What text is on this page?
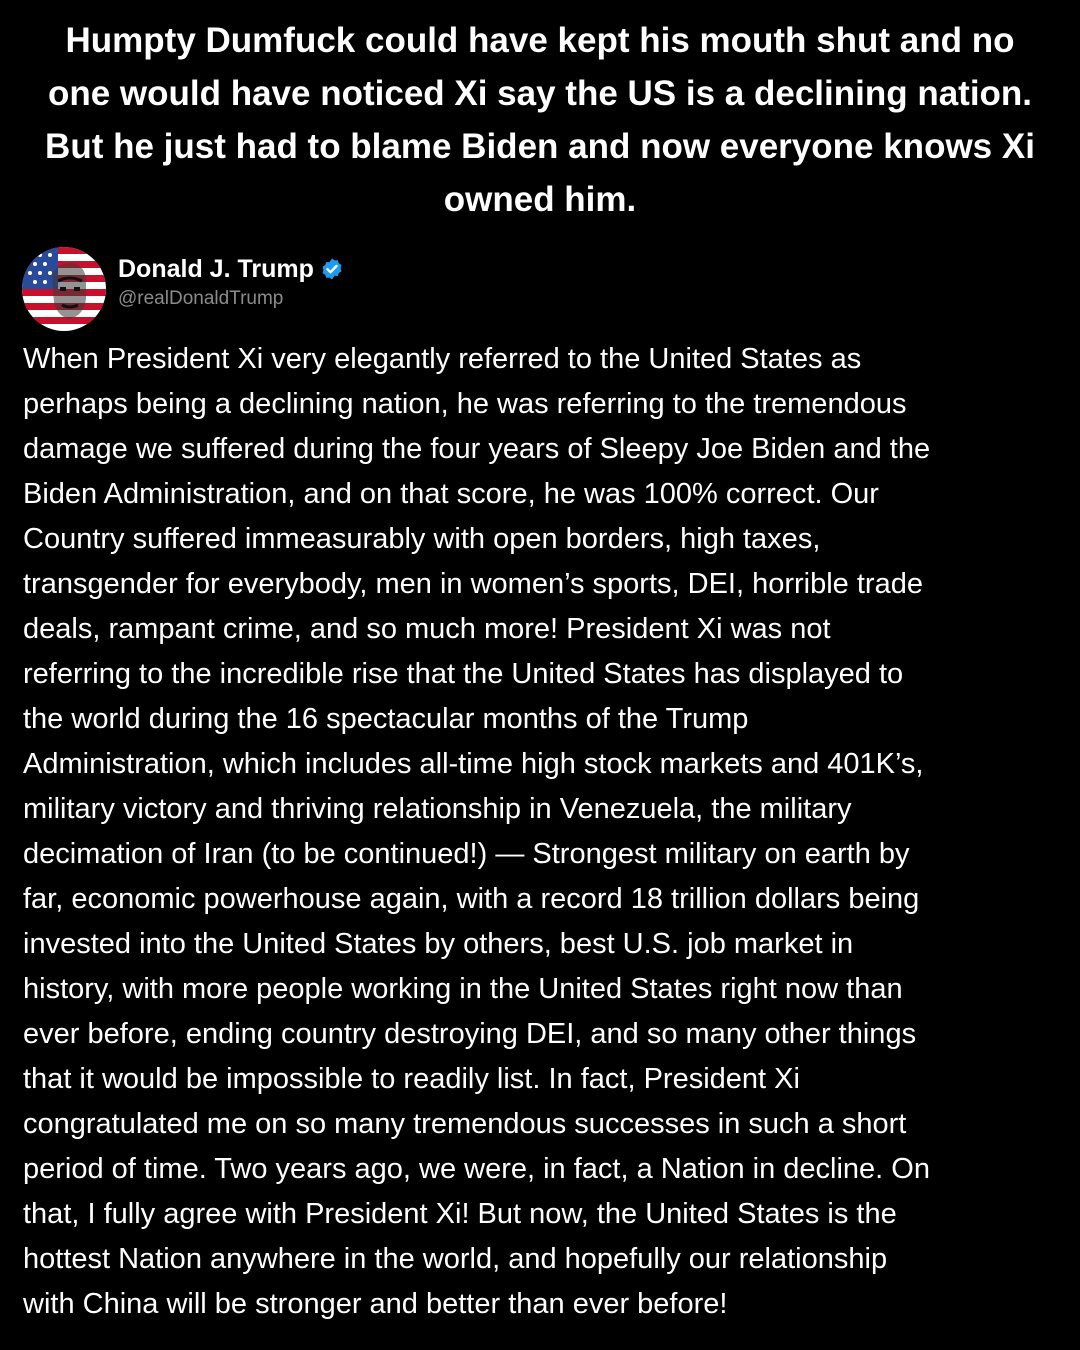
Humpty Dumfuck could have kept his mouth shut and no one would have noticed Xi say the US is a declining nation. But he just had to blame Biden and now everyone knows Xi owned him.
Donald J. Trump
@realDonaldTrump
When President Xi very elegantly referred to the United States as
perhaps being a declining nation, he was referring to the tremendous
damage we suffered during the four years of Sleepy Joe Biden and the
Biden Administration, and on that score, he was 100% correct. Our
Country suffered immeasurably with open borders, high taxes,
transgender for everybody, men in women’s sports, DEI, horrible trade
deals, rampant crime, and so much more! President Xi was not
referring to the incredible rise that the United States has displayed to
the world during the 16 spectacular months of the Trump
Administration, which includes all-time high stock markets and 401K’s,
military victory and thriving relationship in Venezuela, the military
decimation of Iran (to be continued!) — Strongest military on earth by
far, economic powerhouse again, with a record 18 trillion dollars being
invested into the United States by others, best U.S. job market in
history, with more people working in the United States right now than
ever before, ending country destroying DEI, and so many other things
that it would be impossible to readily list. In fact, President Xi
congratulated me on so many tremendous successes in such a short
period of time. Two years ago, we were, in fact, a Nation in decline. On
that, I fully agree with President Xi! But now, the United States is the
hottest Nation anywhere in the world, and hopefully our relationship
with China will be stronger and better than ever before!
